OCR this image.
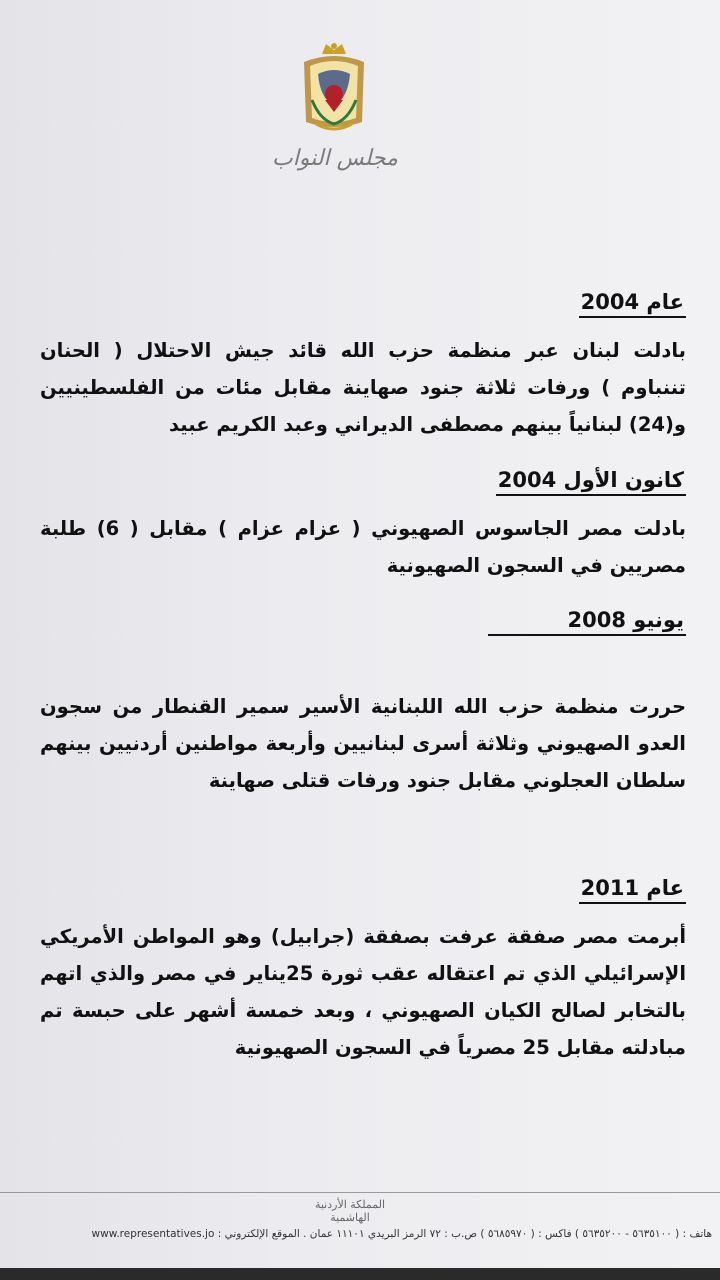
مجلس النواب
عام 2004

بادلت لبنان عبر منظمة حزب الله قائد جيش الاحتلال ( الحنان تننباوم ) ورفات ثلاثة جنود صهاينة مقابل مئات من الفلسطينيين و(24) لبنانياً بينهم مصطفى الديراني وعبد الكريم عبيد

كانون الأول 2004

بادلت مصر الجاسوس الصهيوني ( عزام عزام ) مقابل ( 6) طلبة مصريين في السجون الصهيونية

يونيو 2008

حررت منظمة حزب الله اللبنانية الأسير سمير القنطار من سجون العدو الصهيوني وثلاثة أسرى لبنانيين وأربعة مواطنين أردنيين بينهم سلطان العجلوني مقابل جنود ورفات قتلى صهاينة

عام 2011

أبرمت مصر صفقة عرفت بصفقة (جرابيل) وهو المواطن الأمريكي الإسرائيلي الذي تم اعتقاله عقب ثورة 25يناير في مصر والذي اتهم بالتخابر لصالح الكيان الصهيوني ، وبعد خمسة أشهر على حبسة تم مبادلته مقابل 25 مصرياً في السجون الصهيونية

المملكة الأردنية الهاشمية
هاتف : ( ٥٦٣٥١٠٠ - ٥٦٣٥٢٠٠ ) فاكس : ( ٥٦٨٥٩٧٠ ) ص.ب : ٧٢ الرمز البريدي ١١١٠١ عمان . الموقع الإلكتروني : www.representatives.jo
